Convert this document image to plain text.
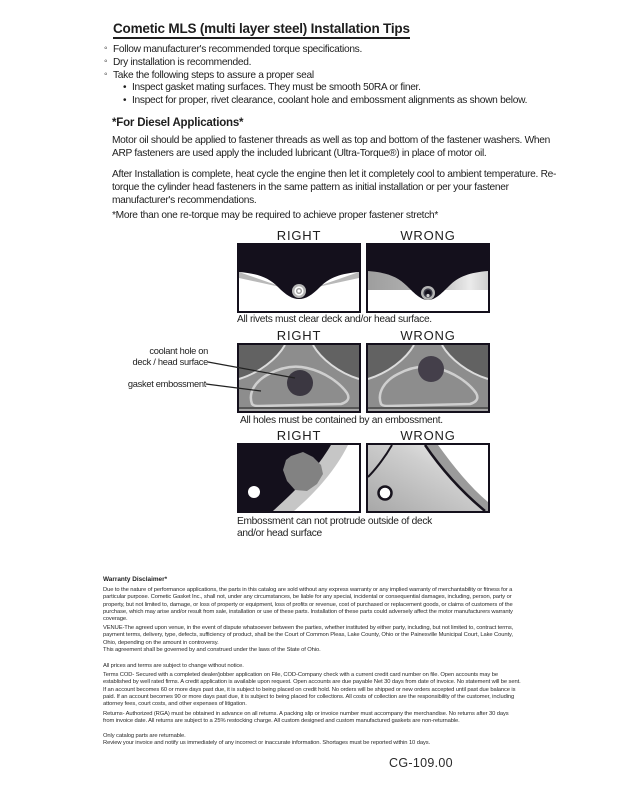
Cometic MLS (multi layer steel) Installation Tips
◦ Follow manufacturer's recommended torque specifications.
◦ Dry installation is recommended.
◦ Take the following steps to assure a proper seal
• Inspect gasket mating surfaces. They must be smooth 50RA or finer.
• Inspect for proper, rivet clearance, coolant hole and embossment alignments as shown below.
*For Diesel Applications*
Motor oil should be applied to fastener threads as well as top and bottom of the fastener washers. When ARP fasteners are used apply the included lubricant (Ultra-Torque®) in place of motor oil.
After Installation is complete, heat cycle the engine then let it completely cool to ambient temperature. Re-torque the cylinder head fasteners in the same pattern as initial installation or per your fastener manufacturer's recommendations.
*More than one re-torque may be required to achieve proper fastener stretch*
RIGHT	WRONG
All rivets must clear deck and/or head surface.
RIGHT	WRONG
coolant hole on
deck / head surface
gasket embossment
All holes must be contained by an embossment.
RIGHT	WRONG
Embossment can not protrude outside of deck
and/or head surface
Warranty Disclaimer*
Due to the nature of performance applications, the parts in this catalog are sold without any express warranty or any implied warranty of merchantability or fitness for a particular purpose. Cometic Gasket Inc., shall not, under any circumstances, be liable for any special, incidental or consequential damages, including, person, party or property, but not limited to, damage, or loss of property or equipment, loss of profits or revenue, cost of purchased or replacement goods, or claims of customers of the purchase, which may arise and/or result from sale, installation or use of these parts. Installation of these parts could adversely affect the motor manufacturers warranty coverage.
VENUE-The agreed upon venue, in the event of dispute whatsoever between the parties, whether instituted by either party, including, but not limited to, contract terms, payment terms, delivery, type, defects, sufficiency of product, shall be the Court of Common Pleas, Lake County, Ohio or the Painesville Municipal Court, Lake County, Ohio, depending on the amount in controversy.
This agreement shall be governed by and construed under the laws of the State of Ohio.
All prices and terms are subject to change without notice.
Terms COD- Secured with a completed dealer/jobber application on File, COD-Company check with a current credit card number on file. Open accounts may be established by well rated firms. A credit application is available upon request. Open accounts are due payable Net 30 days from date of invoice. No statement will be sent. If an account becomes 60 or more days past due, it is subject to being placed on credit hold. No orders will be shipped or new orders accepted until past due balance is paid. If an account becomes 90 or more days past due, it is subject to being placed for collections. All costs of collection are the responsibility of the customer, including attorney fees, court costs, and other expenses of litigation.
Returns- Authorized (RGA) must be obtained in advance on all returns. A packing slip or invoice number must accompany the merchandise. No returns after 30 days from invoice date. All returns are subject to a 25% restocking charge. All custom designed and custom manufactured gaskets are non-returnable.
Only catalog parts are returnable.
Review your invoice and notify us immediately of any incorrect or inaccurate information. Shortages must be reported within 10 days.
CG-109.00
